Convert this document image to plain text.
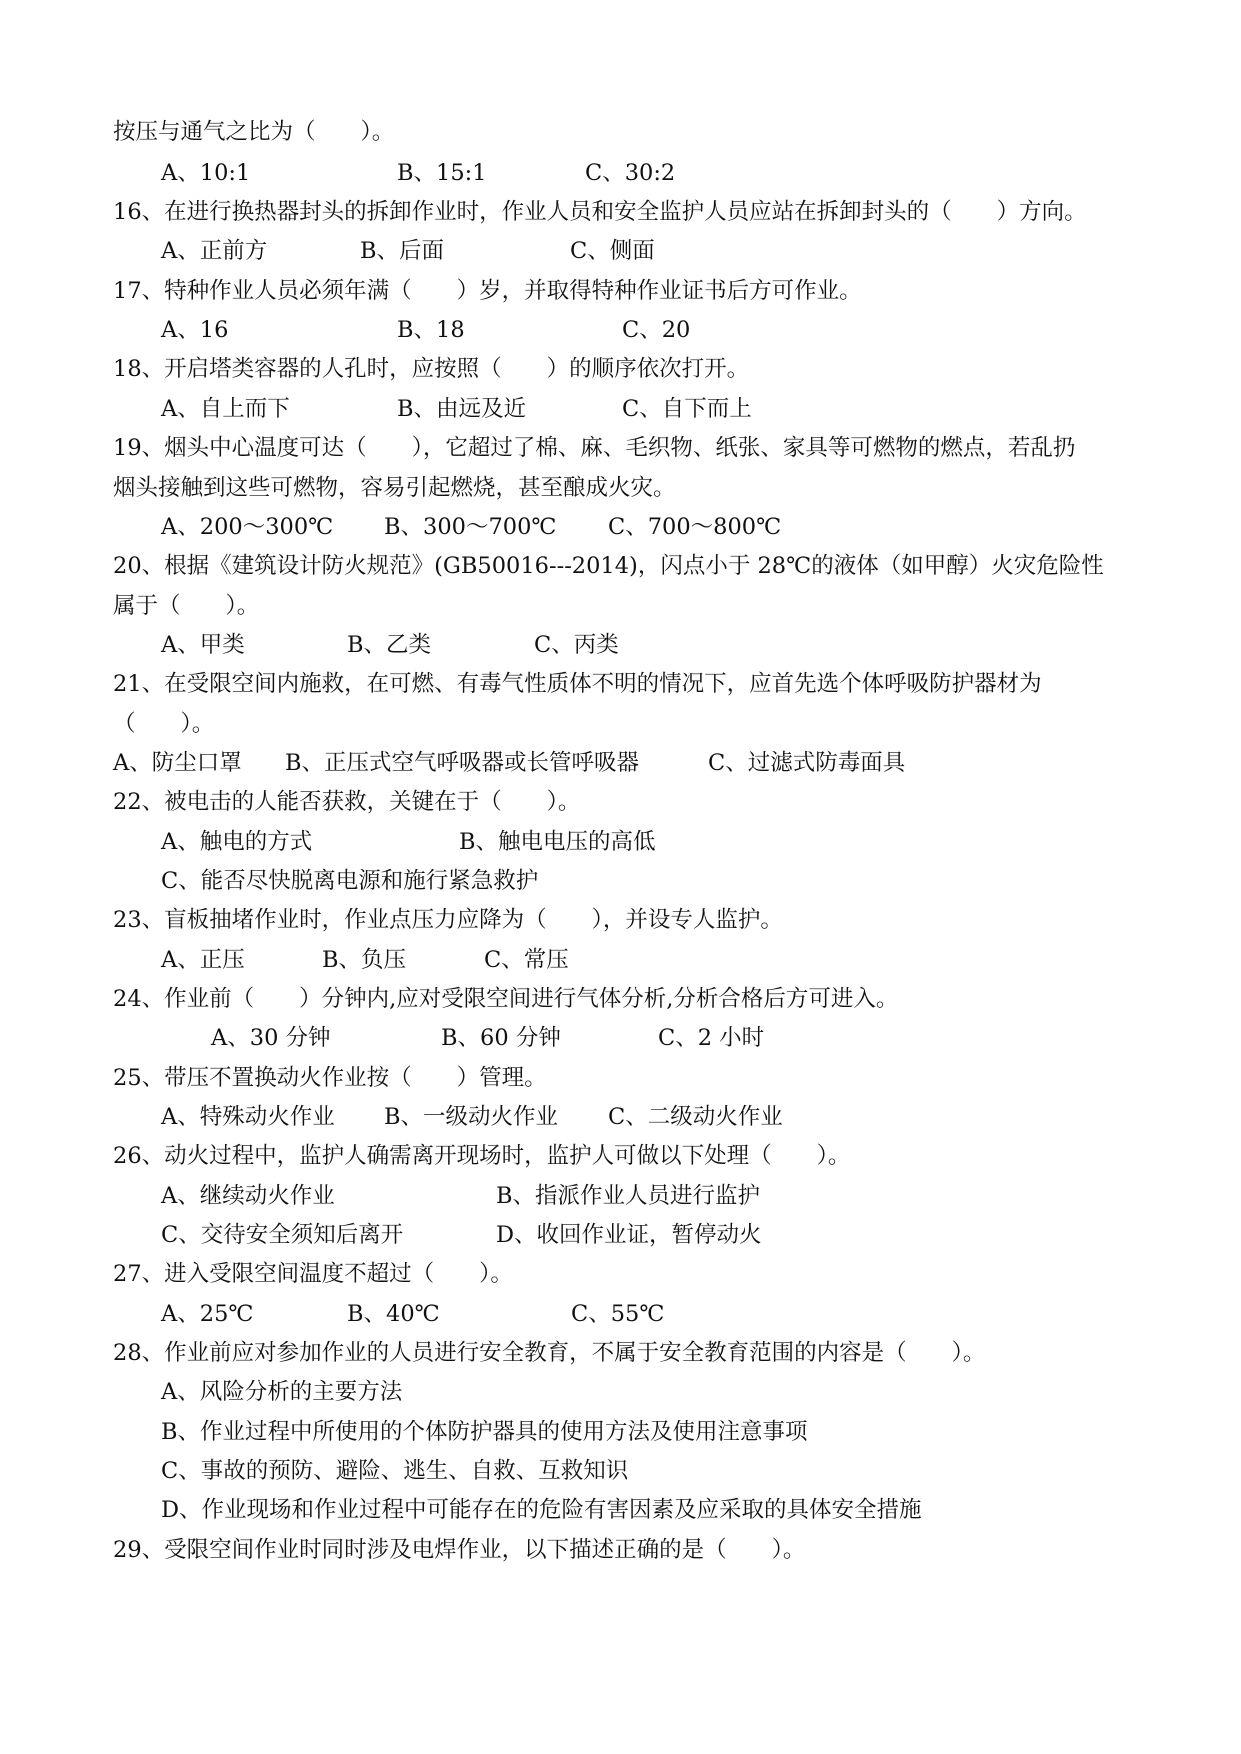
按压与通气之比为（　　）。
A、10:1	B、15:1	C、30:2
16、在进行换热器封头的拆卸作业时，作业人员和安全监护人员应站在拆卸封头的（　　）方向。
A、正前方	B、后面	C、侧面
17、特种作业人员必须年满（　　）岁，并取得特种作业证书后方可作业。
A、16	B、18	C、20
18、开启塔类容器的人孔时，应按照（　　）的顺序依次打开。
A、自上而下	B、由远及近	C、自下而上
19、烟头中心温度可达（　　），它超过了棉、麻、毛织物、纸张、家具等可燃物的燃点，若乱扔
烟头接触到这些可燃物，容易引起燃烧，甚至酿成火灾。
A、200～300℃ B、300～700℃ C、700～800℃
20、根据《建筑设计防火规范》(GB50016---2014)，闪点小于 28℃的液体（如甲醇）火灾危险性
属于（　　）。
A、甲类	B、乙类	C、丙类
21、在受限空间内施救，在可燃、有毒气性质体不明的情况下，应首先选个体呼吸防护器材为
（　　）。
A、防尘口罩 B、正压式空气呼吸器或长管呼吸器	C、过滤式防毒面具
22、被电击的人能否获救，关键在于（　　）。
A、触电的方式	B、触电电压的高低
C、能否尽快脱离电源和施行紧急救护
23、盲板抽堵作业时，作业点压力应降为（　　），并设专人监护。
A、正压	B、负压	C、常压
24、作业前（　　）分钟内,应对受限空间进行气体分析,分析合格后方可进入。
A、30 分钟	B、60 分钟	C、2 小时
25、带压不置换动火作业按（　　）管理。
A、特殊动火作业 B、一级动火作业 C、二级动火作业
26、动火过程中，监护人确需离开现场时，监护人可做以下处理（　　）。
A、继续动火作业	B、指派作业人员进行监护
C、交待安全须知后离开	D、收回作业证，暂停动火
27、进入受限空间温度不超过（　　）。
A、25℃	B、40℃	C、55℃
28、作业前应对参加作业的人员进行安全教育，不属于安全教育范围的内容是（　　）。
A、风险分析的主要方法
B、作业过程中所使用的个体防护器具的使用方法及使用注意事项
C、事故的预防、避险、逃生、自救、互救知识
D、作业现场和作业过程中可能存在的危险有害因素及应采取的具体安全措施
29、受限空间作业时同时涉及电焊作业，以下描述正确的是（　　）。
